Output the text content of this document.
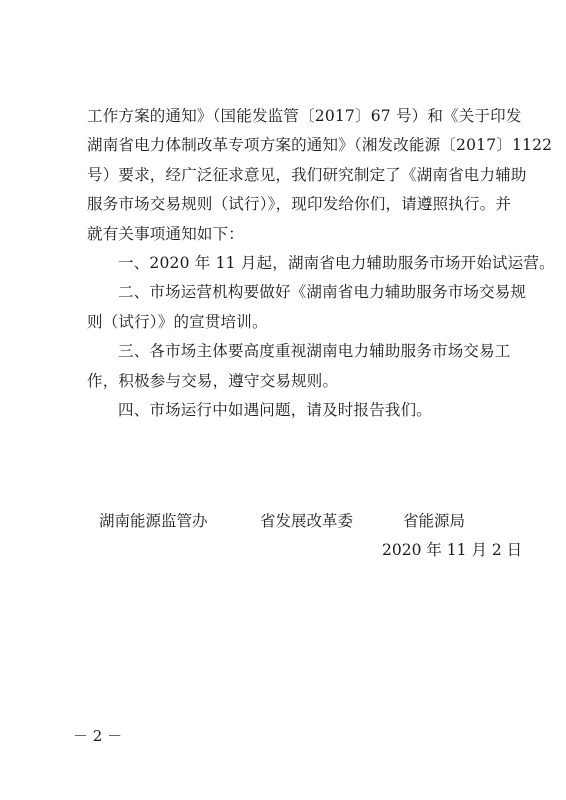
工作方案的通知》（国能发监管〔2017〕67 号）和《关于印发
湖南省电力体制改革专项方案的通知》（湘发改能源〔2017〕1122
号）要求，经广泛征求意见，我们研究制定了《湖南省电力辅助
服务市场交易规则（试行）》，现印发给你们，请遵照执行。并
就有关事项通知如下：
一、2020 年 11 月起，湖南省电力辅助服务市场开始试运营。
二、市场运营机构要做好《湖南省电力辅助服务市场交易规
则（试行）》的宣贯培训。
三、各市场主体要高度重视湖南电力辅助服务市场交易工
作，积极参与交易，遵守交易规则。
四、市场运行中如遇问题，请及时报告我们。
湖南能源监管办	省发展改革委	省能源局
2020 年 11 月 2 日
－ 2 －
